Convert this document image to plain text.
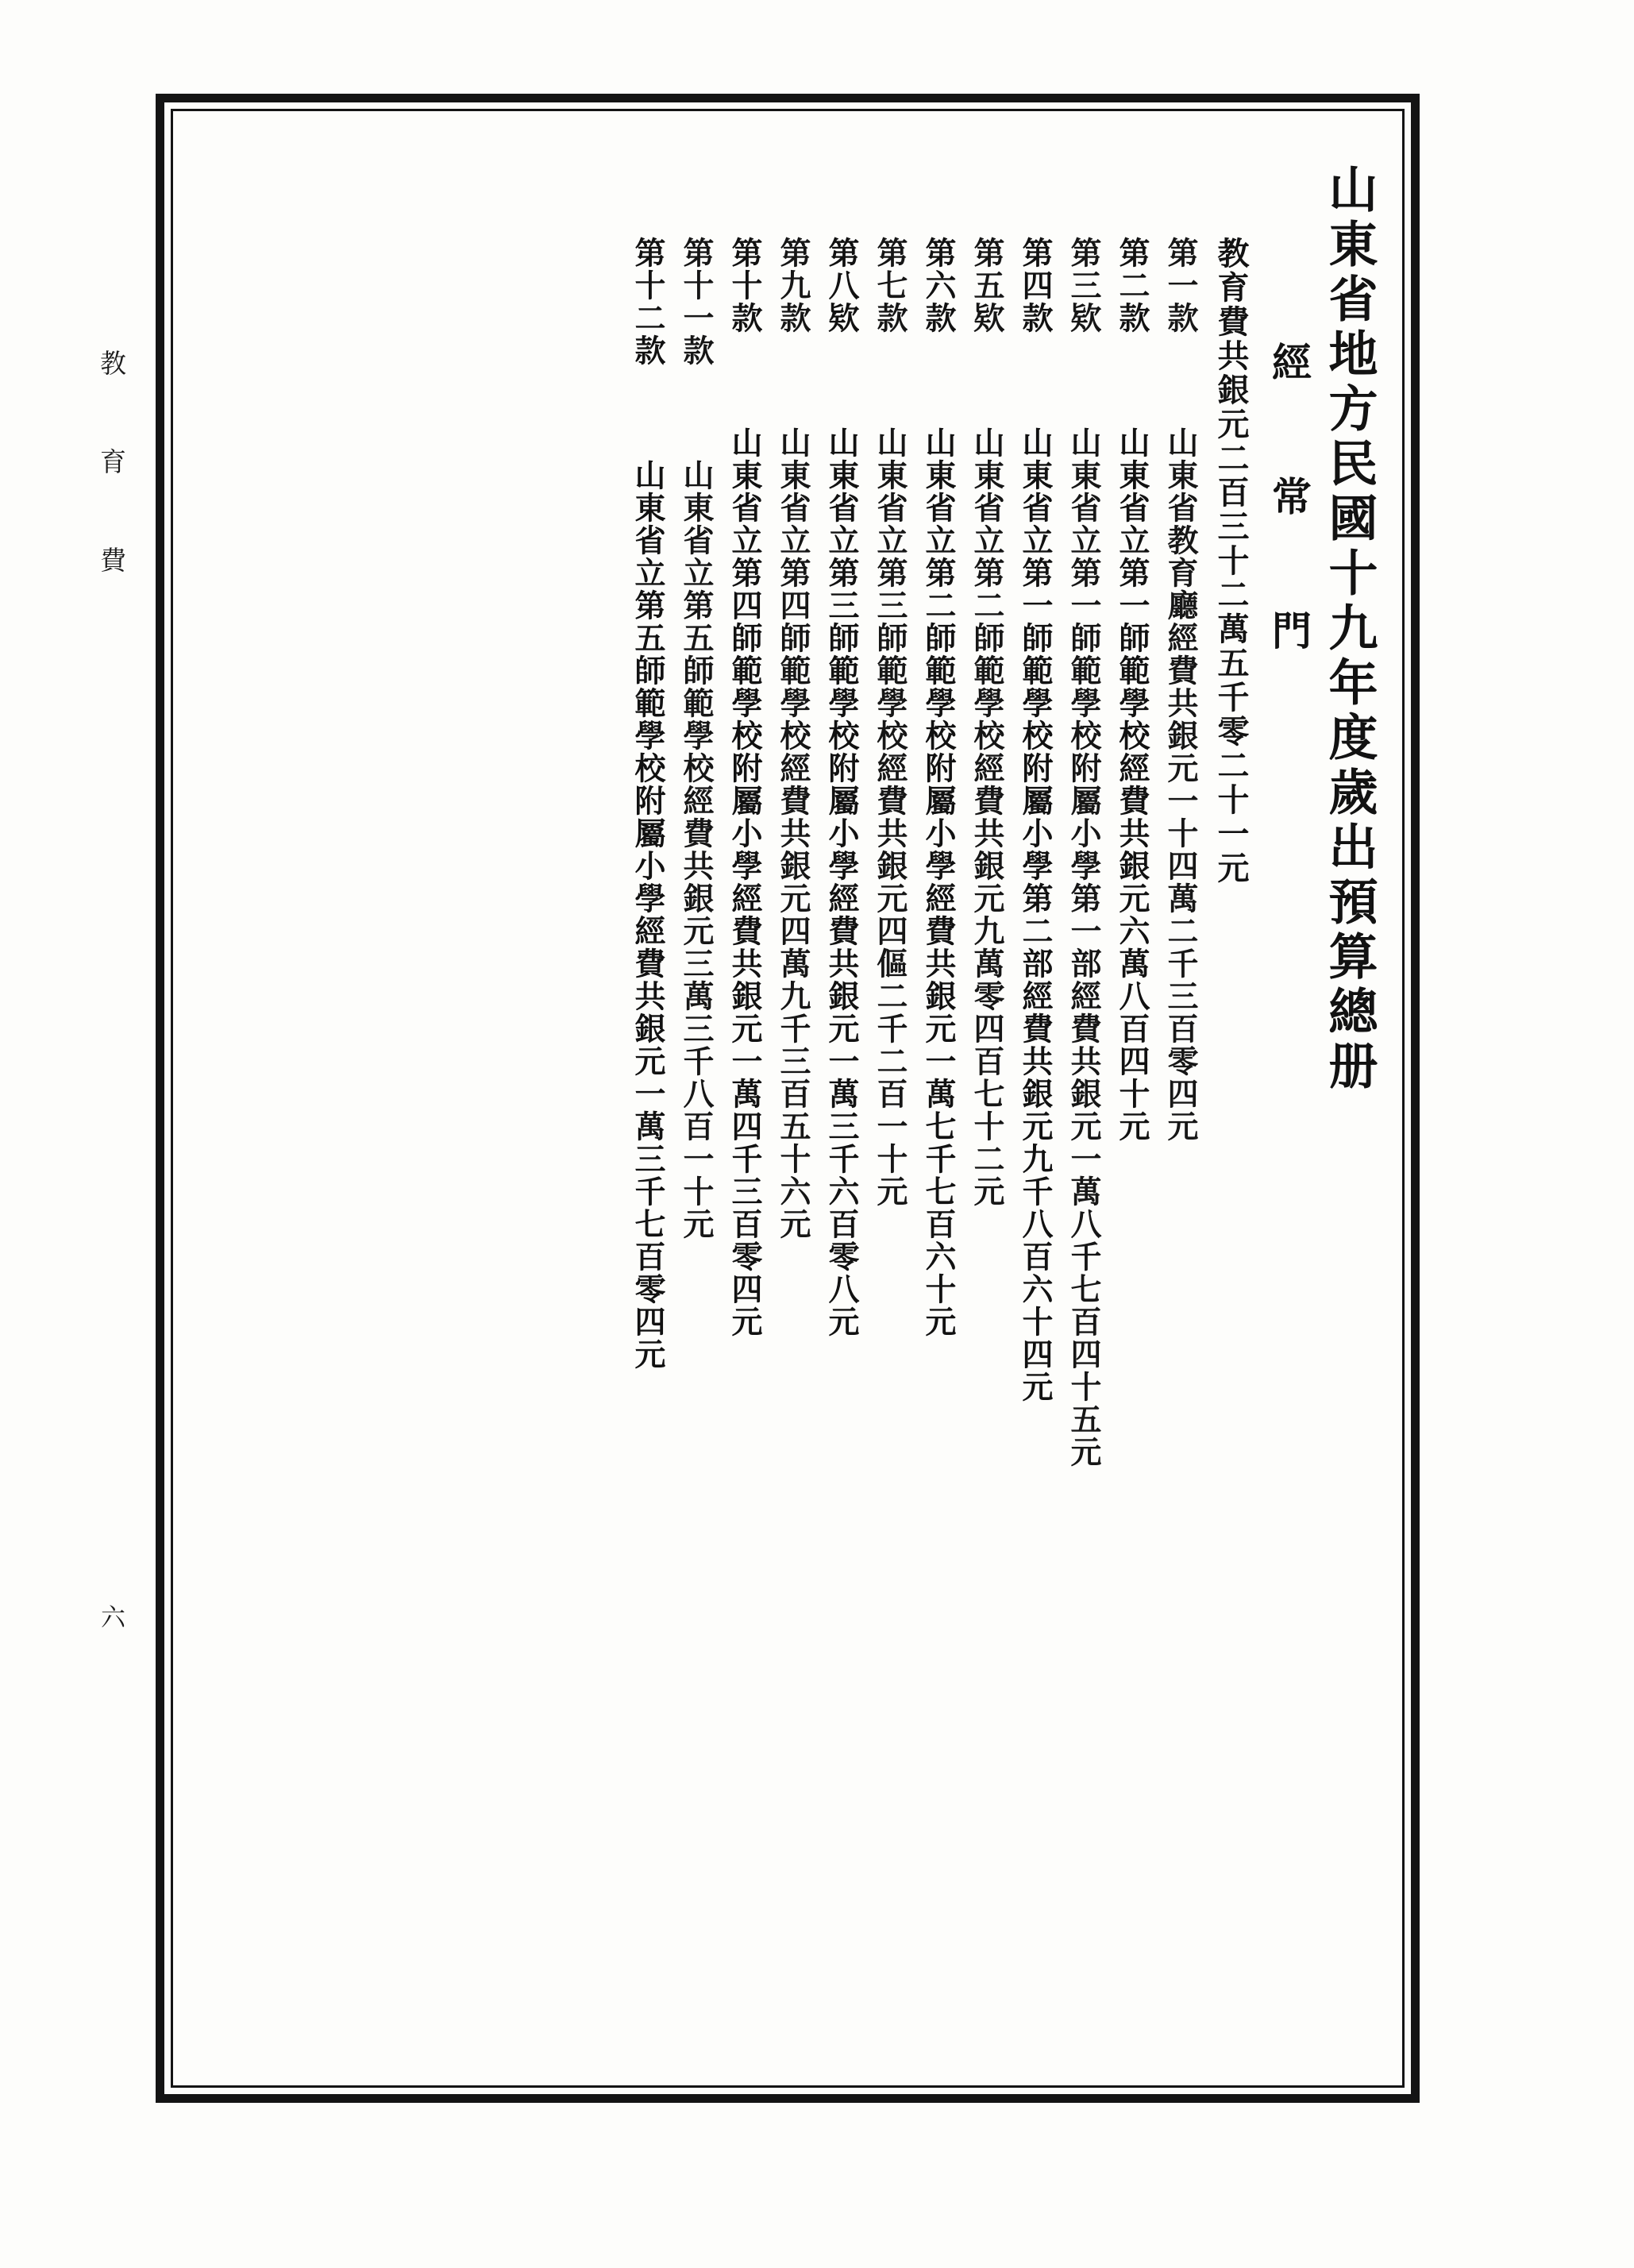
教 育 費
六
山東省地方民國十九年度歲出預算總册
經 常 門
教育費共銀元二百三十二萬五千零二十一元
第一款  山東省教育廳經費共銀元一十四萬二千三百零四元
第二款  山東省立第一師範學校經費共銀元六萬八百四十元
第三欵  山東省立第一師範學校附屬小學第一部經費共銀元一萬八千七百四十五元
第四款  山東省立第一師範學校附屬小學第二部經費共銀元九千八百六十四元
第五欵  山東省立第二師範學校經費共銀元九萬零四百七十二元
第六款  山東省立第二師範學校附屬小學經費共銀元一萬七千七百六十元
第七款  山東省立第三師範學校經費共銀元四傴二千二百一十元
第八欵  山東省立第三師範學校附屬小學經費共銀元一萬三千六百零八元
第九款  山東省立第四師範學校經費共銀元四萬九千三百五十六元
第十款  山東省立第四師範學校附屬小學經費共銀元一萬四千三百零四元
第十一款  山東省立第五師範學校經費共銀元三萬三千八百一十元
第十二款  山東省立第五師範學校附屬小學經費共銀元一萬三千七百零四元
